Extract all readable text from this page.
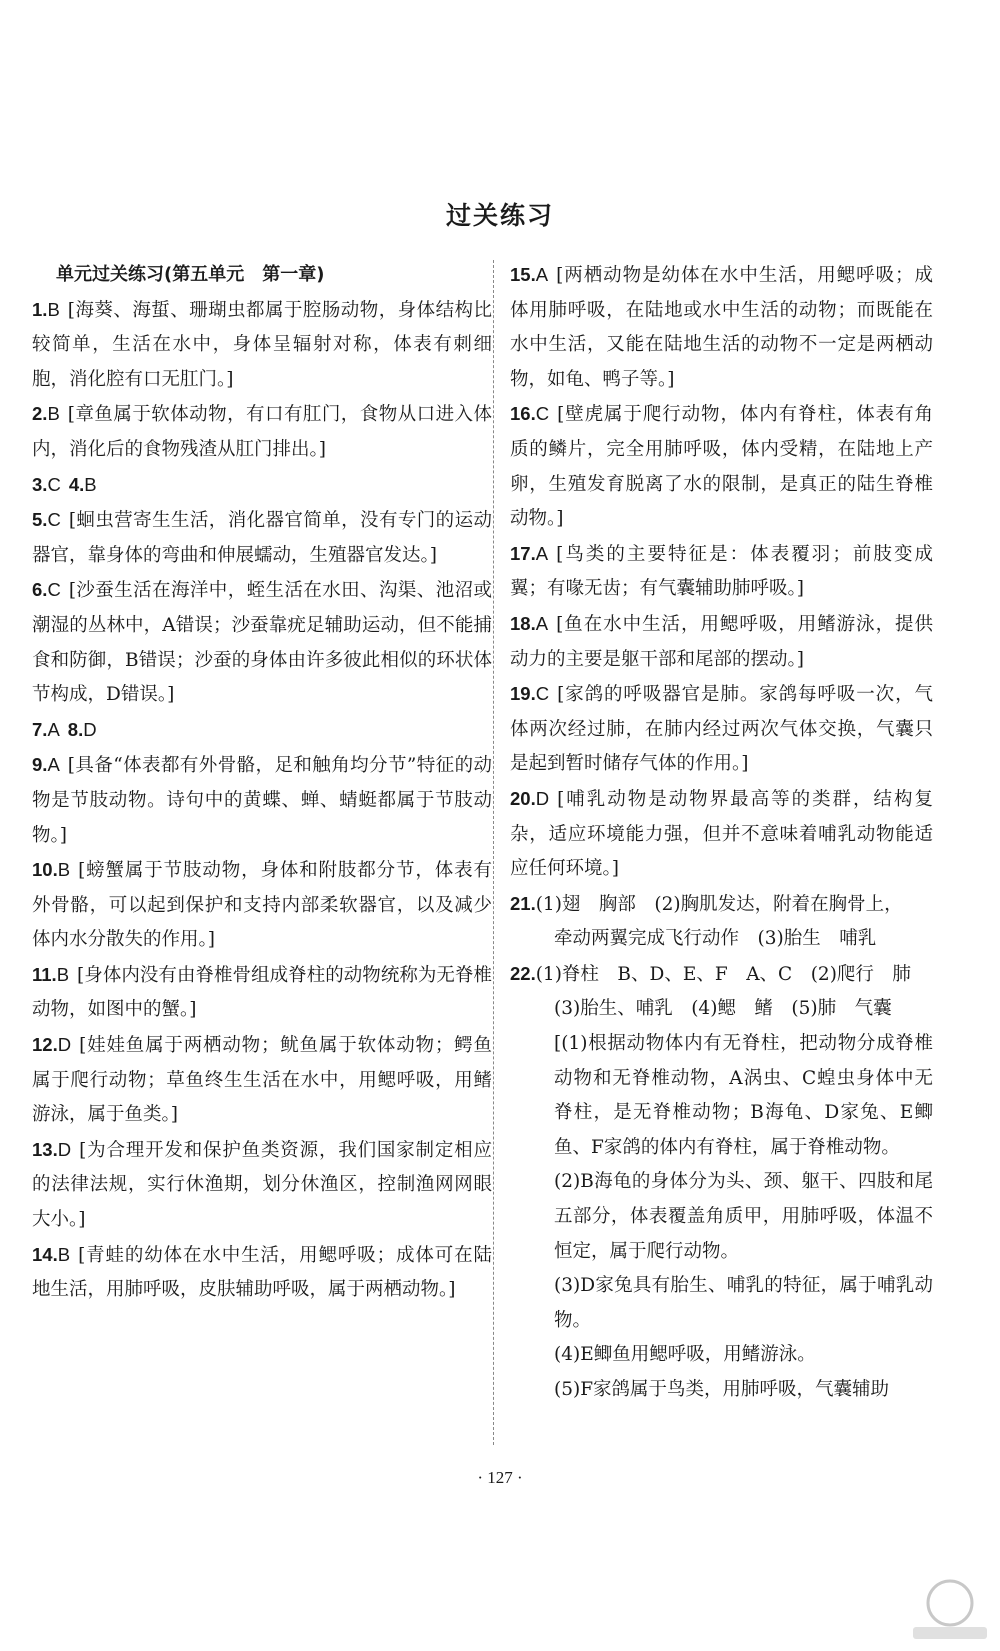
过关练习

单元过关练习(第五单元　第一章)

1.B [海葵、海蜇、珊瑚虫都属于腔肠动物，身体结构比较简单，生活在水中，身体呈辐射对称，体表有刺细胞，消化腔有口无肛门。]

2.B [章鱼属于软体动物，有口有肛门，食物从口进入体内，消化后的食物残渣从肛门排出。]

3.C 4.B

5.C [蛔虫营寄生生活，消化器官简单，没有专门的运动器官，靠身体的弯曲和伸展蠕动，生殖器官发达。]

6.C [沙蚕生活在海洋中，蛭生活在水田、沟渠、池沼或潮湿的丛林中，A错误；沙蚕靠疣足辅助运动，但不能捕食和防御，B错误；沙蚕的身体由许多彼此相似的环状体节构成，D错误。]

7.A 8.D

9.A [具备“体表都有外骨骼，足和触角均分节”特征的动物是节肢动物。诗句中的黄蝶、蝉、蜻蜓都属于节肢动物。]

10.B [螃蟹属于节肢动物，身体和附肢都分节，体表有外骨骼，可以起到保护和支持内部柔软器官，以及减少体内水分散失的作用。]

11.B [身体内没有由脊椎骨组成脊柱的动物统称为无脊椎动物，如图中的蟹。]

12.D [娃娃鱼属于两栖动物；鱿鱼属于软体动物；鳄鱼属于爬行动物；草鱼终生生活在水中，用鳃呼吸，用鳍游泳，属于鱼类。]

13.D [为合理开发和保护鱼类资源，我们国家制定相应的法律法规，实行休渔期，划分休渔区，控制渔网网眼大小。]

14.B [青蛙的幼体在水中生活，用鳃呼吸；成体可在陆地生活，用肺呼吸，皮肤辅助呼吸，属于两栖动物。]

15.A [两栖动物是幼体在水中生活，用鳃呼吸；成体用肺呼吸，在陆地或水中生活的动物；而既能在水中生活，又能在陆地生活的动物不一定是两栖动物，如龟、鸭子等。]

16.C [壁虎属于爬行动物，体内有脊柱，体表有角质的鳞片，完全用肺呼吸，体内受精，在陆地上产卵，生殖发育脱离了水的限制，是真正的陆生脊椎动物。]

17.A [鸟类的主要特征是：体表覆羽；前肢变成翼；有喙无齿；有气囊辅助肺呼吸。]

18.A [鱼在水中生活，用鳃呼吸，用鳍游泳，提供动力的主要是躯干部和尾部的摆动。]

19.C [家鸽的呼吸器官是肺。家鸽每呼吸一次，气体两次经过肺，在肺内经过两次气体交换，气囊只是起到暂时储存气体的作用。]

20.D [哺乳动物是动物界最高等的类群，结构复杂，适应环境能力强，但并不意味着哺乳动物能适应任何环境。]

21.(1)翅　胸部　(2)胸肌发达，附着在胸骨上，

牵动两翼完成飞行动作　(3)胎生　哺乳

22.(1)脊柱　B、D、E、F　A、C　(2)爬行　肺

(3)胎生、哺乳　(4)鳃　鳍　(5)肺　气囊

[(1)根据动物体内有无脊柱，把动物分成脊椎动物和无脊椎动物，A涡虫、C蝗虫身体中无脊柱，是无脊椎动物；B海龟、D家兔、E鲫鱼、F家鸽的体内有脊柱，属于脊椎动物。

(2)B海龟的身体分为头、颈、躯干、四肢和尾五部分，体表覆盖角质甲，用肺呼吸，体温不恒定，属于爬行动物。

(3)D家兔具有胎生、哺乳的特征，属于哺乳动物。

(4)E鲫鱼用鳃呼吸，用鳍游泳。

(5)F家鸽属于鸟类，用肺呼吸，气囊辅助

· 127 ·
